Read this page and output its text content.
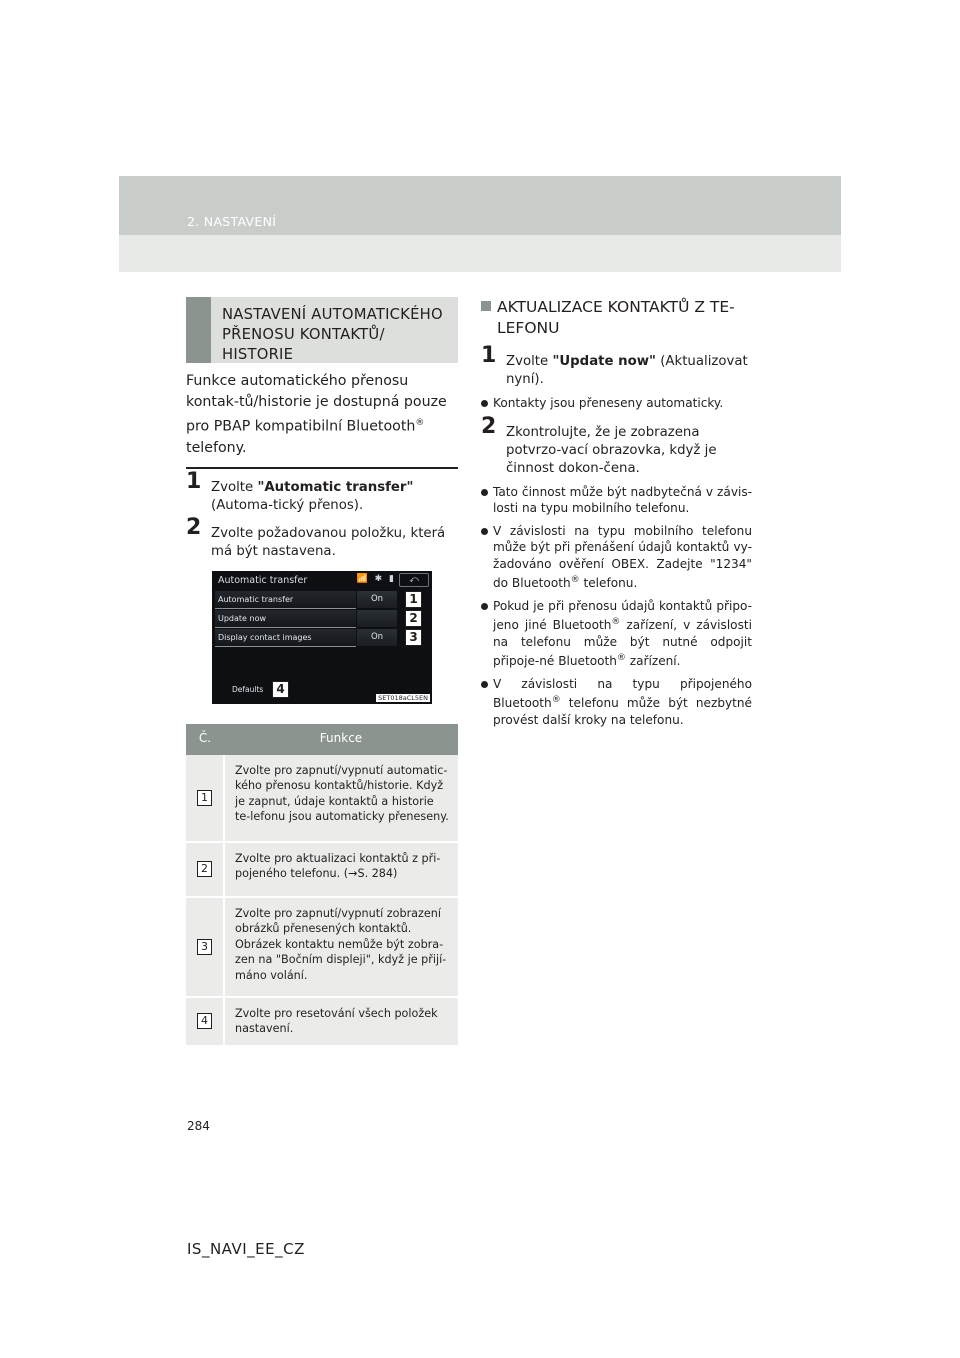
2. NASTAVENÍ
NASTAVENÍ AUTOMATICKÉHO PŘENOSU KONTAKTŮ/ HISTORIE
Funkce automatického přenosu kontak-tů/historie je dostupná pouze pro PBAP kompatibilní Bluetooth® telefony.
1 Zvolte "Automatic transfer" (Automa-tický přenos).
2 Zvolte požadovanou položku, která má být nastavena.
Automatic transfer	📶 ✱ ▮	⤺
Automatic transfer	On	1
Update now	2
Display contact images	On	3
Defaults	4
SET018aCL5EN
Č.	Funkce
1	Zvolte pro zapnutí/vypnutí automatic-kého přenosu kontaktů/historie. Když je zapnut, údaje kontaktů a historie te-lefonu jsou automaticky přeneseny.
2	Zvolte pro aktualizaci kontaktů z při-pojeného telefonu. (→S. 284)
3	Zvolte pro zapnutí/vypnutí zobrazení obrázků přenesených kontaktů. Obrázek kontaktu nemůže být zobra-zen na "Bočním displeji", když je přijí-máno volání.
4	Zvolte pro resetování všech položek nastavení.
AKTUALIZACE KONTAKTŮ Z TE-LEFONU
1 Zvolte "Update now" (Aktualizovat nyní).
Kontakty jsou přeneseny automaticky.
2 Zkontrolujte, že je zobrazena potvrzo-vací obrazovka, když je činnost dokon-čena.
Tato činnost může být nadbytečná v závis-losti na typu mobilního telefonu.
V závislosti na typu mobilního telefonu může být při přenášení údajů kontaktů vy-žadováno ověření OBEX. Zadejte "1234" do Bluetooth® telefonu.
Pokud je při přenosu údajů kontaktů připo-jeno jiné Bluetooth® zařízení, v závislosti na telefonu může být nutné odpojit připoje-né Bluetooth® zařízení.
V závislosti na typu připojeného Bluetooth® telefonu může být nezbytné provést další kroky na telefonu.
284
IS_NAVI_EE_CZ
